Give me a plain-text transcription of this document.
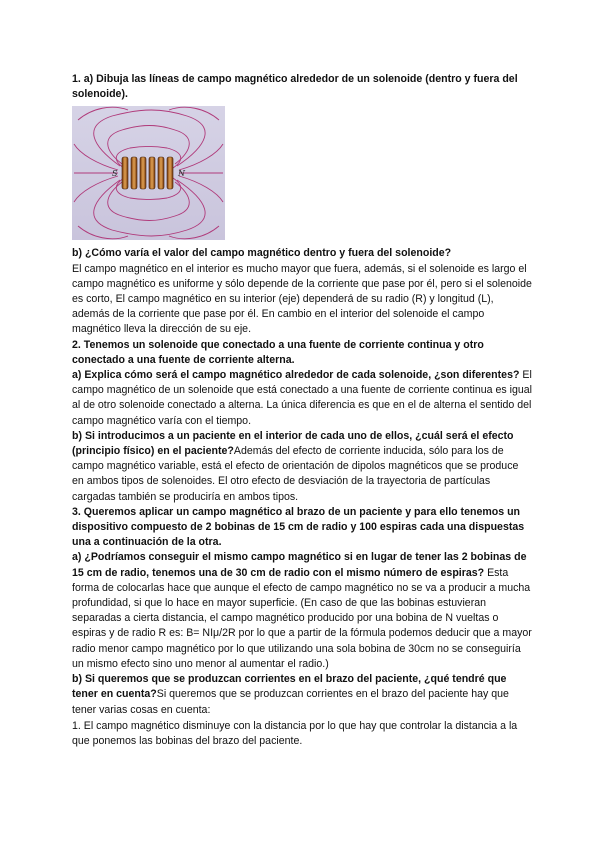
1. a) Dibuja las líneas de campo magnético alrededor de un solenoide (dentro y fuera del solenoide).

S	N

b) ¿Cómo varía el valor del campo magnético dentro y fuera del solenoide?

El campo magnético en el interior es mucho mayor que fuera, además, si el solenoide es largo el campo magnético es uniforme y sólo depende de la corriente que pase por él, pero si el solenoide es corto, El campo magnético en su interior (eje) dependerá de su radio (R) y longitud (L), además de la corriente que pase por él. En cambio en el interior del solenoide el campo magnético lleva la dirección de su eje.

2. Tenemos un solenoide que conectado a una fuente de corriente continua y otro conectado a una fuente de corriente alterna.

a) Explica cómo será el campo magnético alrededor de cada solenoide, ¿son diferentes? El campo magnético de un solenoide que está conectado a una fuente de corriente continua es igual al de otro solenoide conectado a alterna. La única diferencia es que en el de alterna el sentido del campo magnético varía con el tiempo.

b) Si introducimos a un paciente en el interior de cada uno de ellos, ¿cuál será el efecto (principio físico) en el paciente?Además del efecto de corriente inducida, sólo para los de campo magnético variable, está el efecto de orientación de dipolos magnéticos que se produce en ambos tipos de solenoides. El otro efecto de desviación de la trayectoria de partículas cargadas también se produciría en ambos tipos.

3. Queremos aplicar un campo magnético al brazo de un paciente y para ello tenemos un dispositivo compuesto de 2 bobinas de 15 cm de radio y 100 espiras cada una dispuestas una a continuación de la otra.

a) ¿Podríamos conseguir el mismo campo magnético si en lugar de tener las 2 bobinas de 15 cm de radio, tenemos una de 30 cm de radio con el mismo número de espiras? Esta forma de colocarlas hace que aunque el efecto de campo magnético no se va a producir a mucha profundidad, si que lo hace en mayor superficie. (En caso de que las bobinas estuvieran separadas a cierta distancia, el campo magnético producido por una bobina de N vueltas o espiras y de radio R es: B= NIμ/2R por lo que a partir de la fórmula podemos deducir que a mayor radio menor campo magnético por lo que utilizando una sola bobina de 30cm no se conseguiría un mismo efecto sino uno menor al aumentar el radio.)

b) Si queremos que se produzcan corrientes en el brazo del paciente, ¿qué tendré que tener en cuenta?Si queremos que se produzcan corrientes en el brazo del paciente hay que tener varias cosas en cuenta:

1. El campo magnético disminuye con la distancia por lo que hay que controlar la distancia a la que ponemos las bobinas del brazo del paciente.
